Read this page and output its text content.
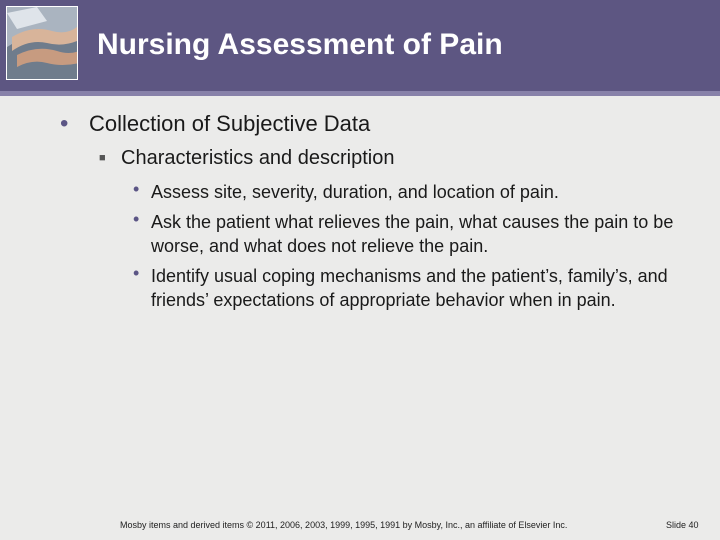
Nursing Assessment of Pain
• Collection of Subjective Data
■ Characteristics and description
• Assess site, severity, duration, and location of pain.
• Ask the patient what relieves the pain, what causes the pain to be worse, and what does not relieve the pain.
• Identify usual coping mechanisms and the patient’s, family’s, and friends’ expectations of appropriate behavior when in pain.
Mosby items and derived items © 2011, 2006, 2003, 1999, 1995, 1991 by Mosby, Inc., an affiliate of Elsevier Inc.	Slide 40
